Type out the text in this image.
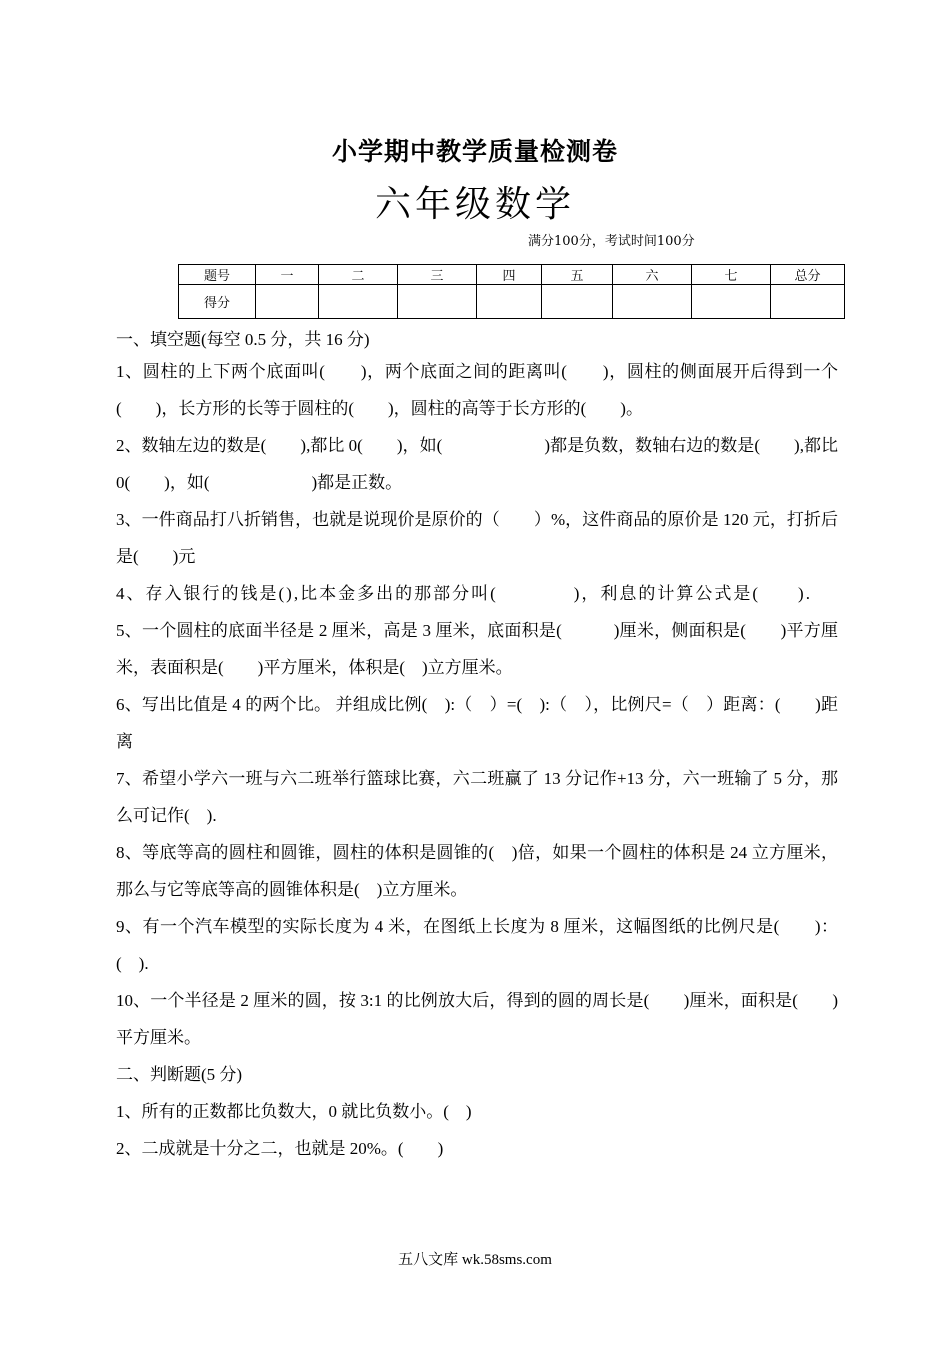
小学期中教学质量检测卷
六年级数学
满分100分，考试时间100分
题号	一	二	三	四	五	六	七	总分
得分								

一、填空题(每空 0.5 分，共 16 分)

1、圆柱的上下两个底面叫(　　)，两个底面之间的距离叫(　　)，圆柱的侧面展开后得到一个(　　)，长方形的长等于圆柱的(　　)，圆柱的高等于长方形的(　　)。

2、数轴左边的数是(　　),都比 0(　　)，如(　　　　　　)都是负数，数轴右边的数是(　　),都比 0(　　)，如(　　　　　　)都是正数。

3、一件商品打八折销售，也就是说现价是原价的（　　）%，这件商品的原价是 120 元，打折后是(　　)元

4、存入银行的钱是(),比本金多出的那部分叫(　　　　)，利息的计算公式是(　　).

5、一个圆柱的底面半径是 2 厘米，高是 3 厘米，底面积是(　　　)厘米，侧面积是(　　)平方厘米，表面积是(　　)平方厘米，体积是(　)立方厘米。

6、写出比值是 4 的两个比。 并组成比例(　):（　）=(　):（　），比例尺=（　）距离：(　　)距离

7、希望小学六一班与六二班举行篮球比赛，六二班赢了 13 分记作+13 分，六一班输了 5 分，那么可记作(　).

8、等底等高的圆柱和圆锥，圆柱的体积是圆锥的(　)倍，如果一个圆柱的体积是 24 立方厘米，那么与它等底等高的圆锥体积是(　)立方厘米。

9、有一个汽车模型的实际长度为 4 米，在图纸上长度为 8 厘米，这幅图纸的比例尺是(　　)：(　).

10、一个半径是 2 厘米的圆，按 3:1 的比例放大后，得到的圆的周长是(　　)厘米，面积是(　　)平方厘米。

二、判断题(5 分)

1、所有的正数都比负数大，0 就比负数小。(　)

2、二成就是十分之二，也就是 20%。(　　)

五八文库 wk.58sms.com
